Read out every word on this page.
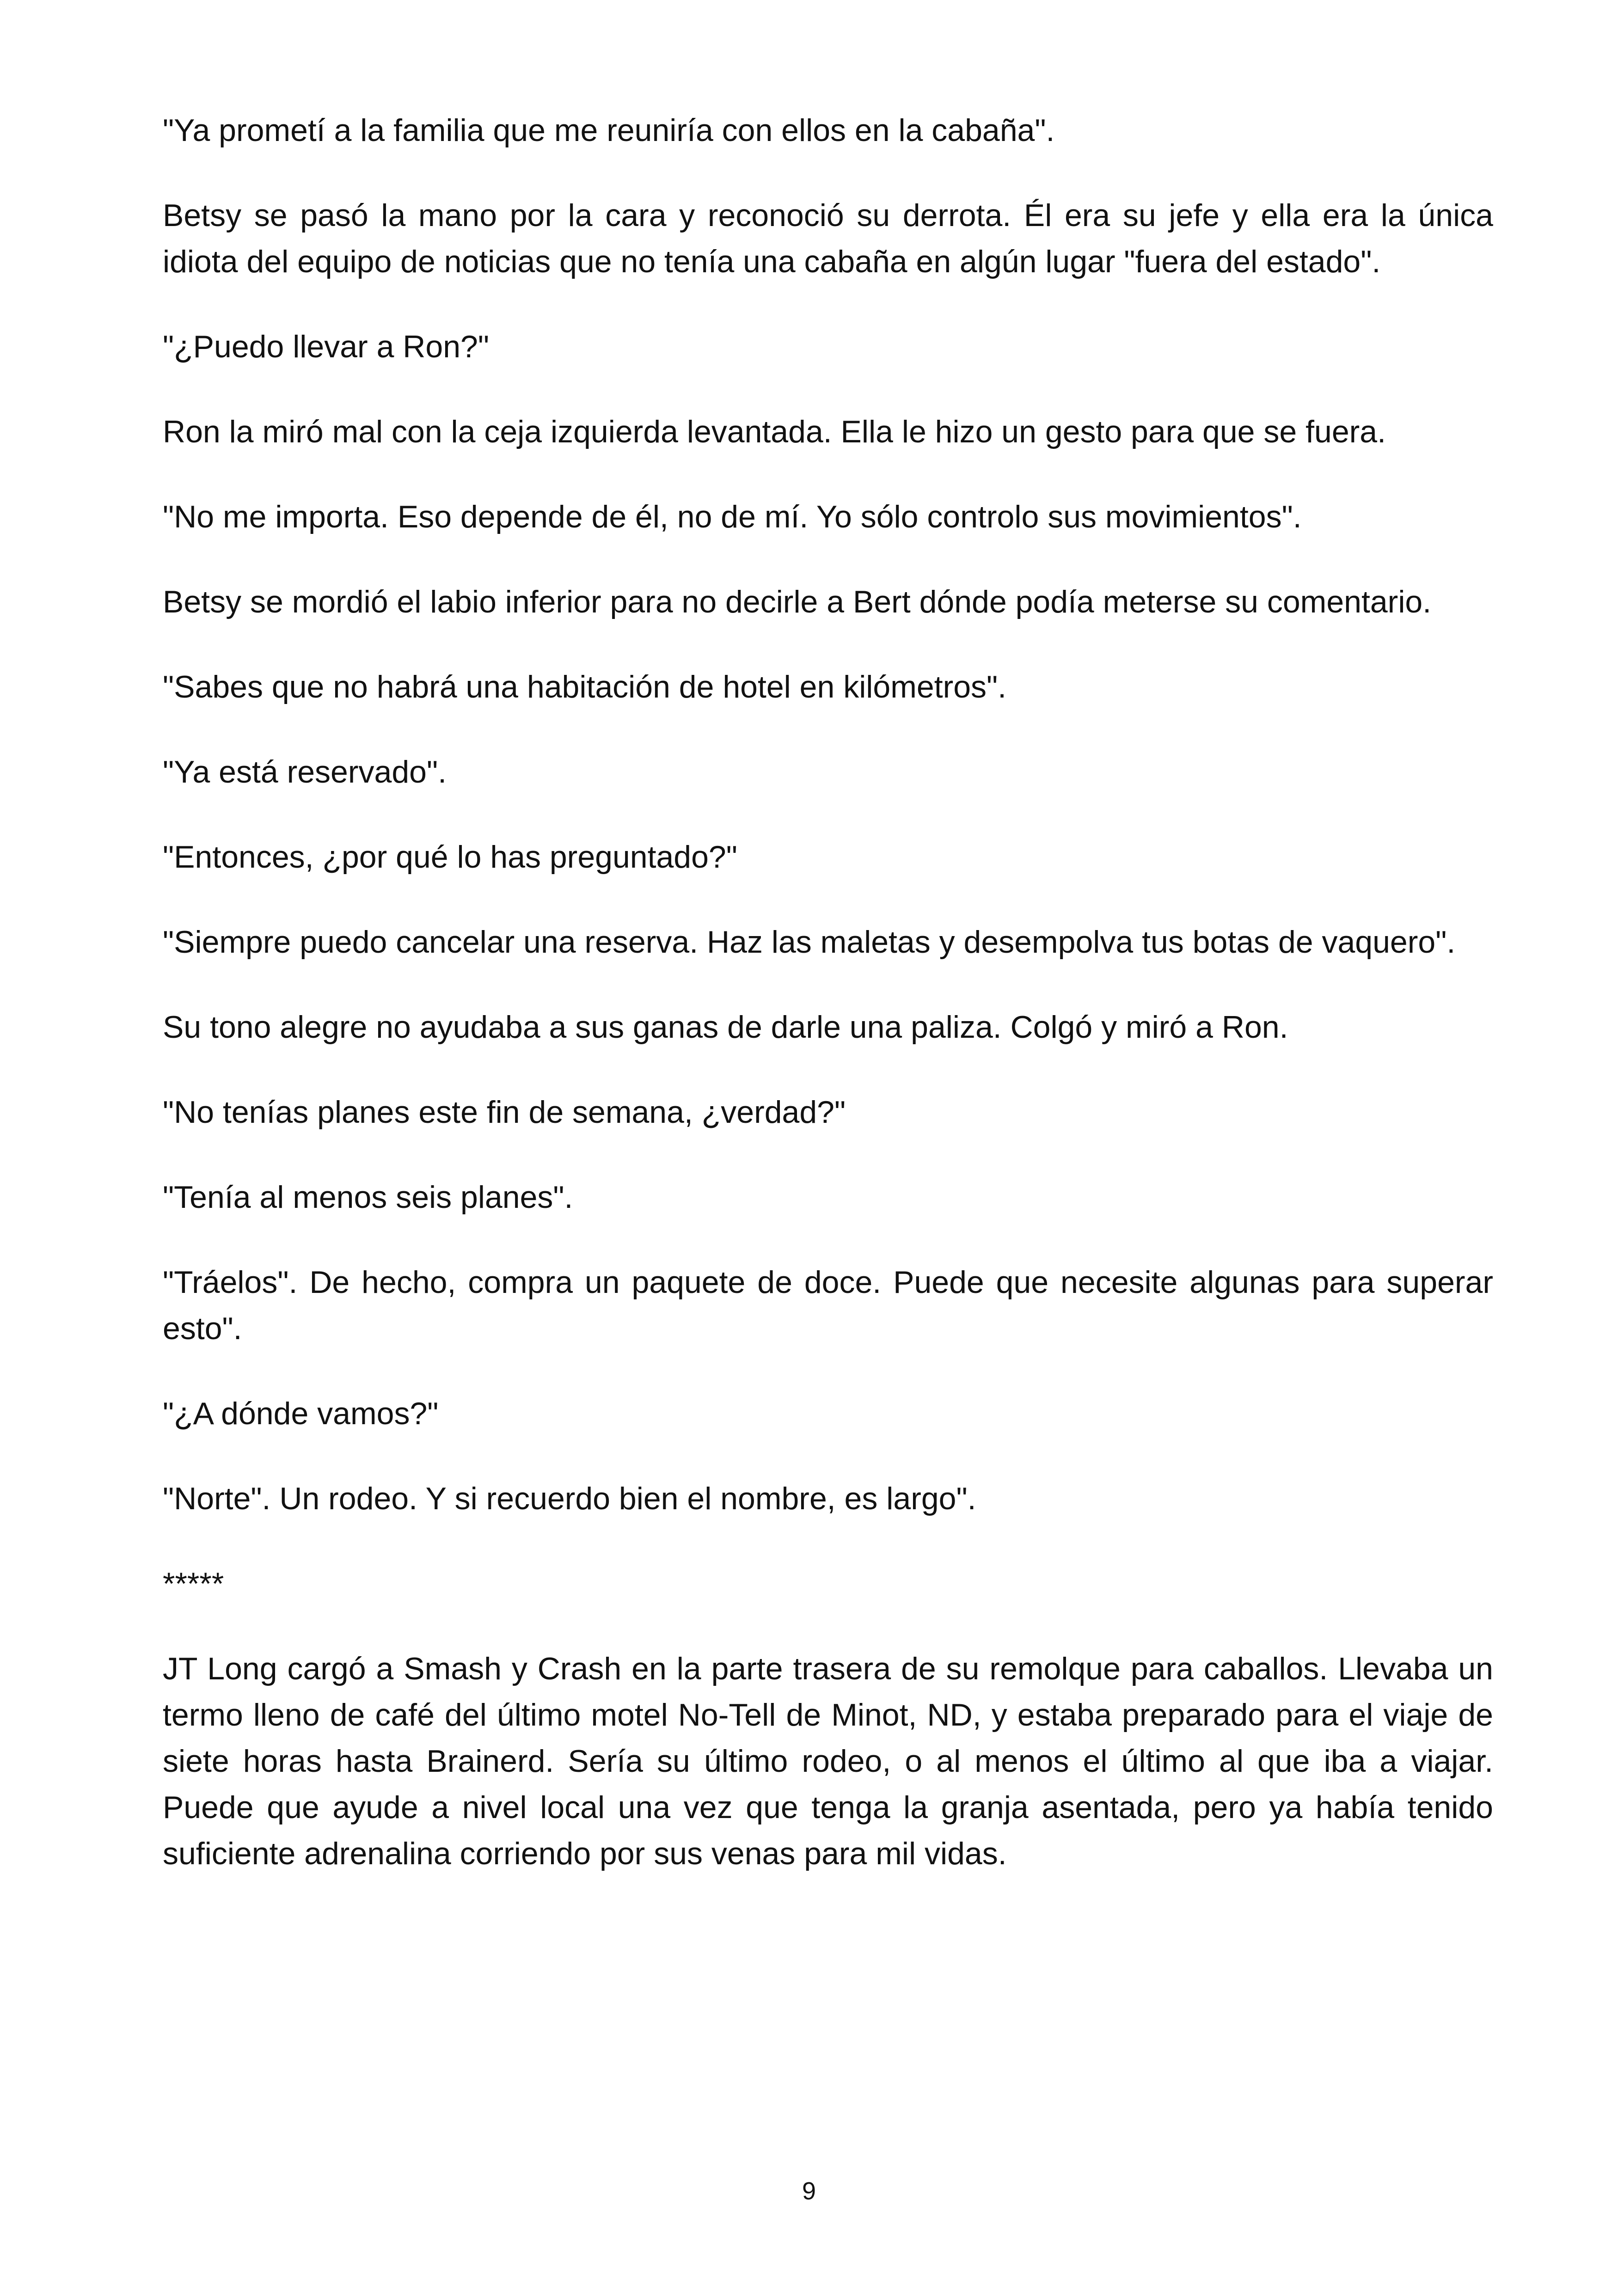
"Ya prometí a la familia que me reuniría con ellos en la cabaña".

Betsy se pasó la mano por la cara y reconoció su derrota. Él era su jefe y ella era la única idiota del equipo de noticias que no tenía una cabaña en algún lugar "fuera del estado".

"¿Puedo llevar a Ron?"

Ron la miró mal con la ceja izquierda levantada. Ella le hizo un gesto para que se fuera.

"No me importa. Eso depende de él, no de mí. Yo sólo controlo sus movimientos".

Betsy se mordió el labio inferior para no decirle a Bert dónde podía meterse su comentario.

"Sabes que no habrá una habitación de hotel en kilómetros".

"Ya está reservado".

"Entonces, ¿por qué lo has preguntado?"

"Siempre puedo cancelar una reserva. Haz las maletas y desempolva tus botas de vaquero".

Su tono alegre no ayudaba a sus ganas de darle una paliza. Colgó y miró a Ron.

"No tenías planes este fin de semana, ¿verdad?"

"Tenía al menos seis planes".

"Tráelos". De hecho, compra un paquete de doce. Puede que necesite algunas para superar esto".

"¿A dónde vamos?"

"Norte". Un rodeo. Y si recuerdo bien el nombre, es largo".

*****

JT Long cargó a Smash y Crash en la parte trasera de su remolque para caballos. Llevaba un termo lleno de café del último motel No-Tell de Minot, ND, y estaba preparado para el viaje de siete horas hasta Brainerd. Sería su último rodeo, o al menos el último al que iba a viajar. Puede que ayude a nivel local una vez que tenga la granja asentada, pero ya había tenido suficiente adrenalina corriendo por sus venas para mil vidas.

9
